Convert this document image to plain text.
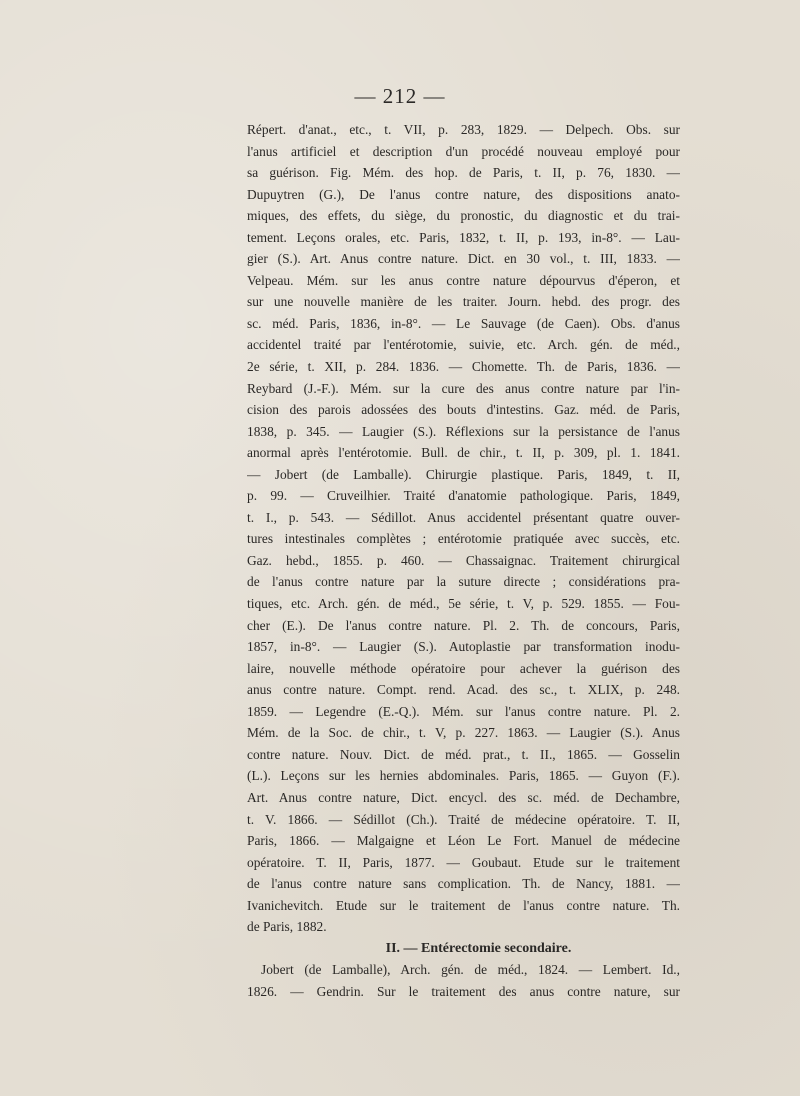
— 212 —
Répert. d'anat., etc., t. VII, p. 283, 1829. — Delpech. Obs. sur
l'anus artificiel et description d'un procédé nouveau employé pour
sa guérison. Fig. Mém. des hop. de Paris, t. II, p. 76, 1830. —
Dupuytren (G.), De l'anus contre nature, des dispositions anato-
miques, des effets, du siège, du pronostic, du diagnostic et du trai-
tement. Leçons orales, etc. Paris, 1832, t. II, p. 193, in-8°. — Lau-
gier (S.). Art. Anus contre nature. Dict. en 30 vol., t. III, 1833. —
Velpeau. Mém. sur les anus contre nature dépourvus d'éperon, et
sur une nouvelle manière de les traiter. Journ. hebd. des progr. des
sc. méd. Paris, 1836, in-8°. — Le Sauvage (de Caen). Obs. d'anus
accidentel traité par l'entérotomie, suivie, etc. Arch. gén. de méd.,
2e série, t. XII, p. 284. 1836. — Chomette. Th. de Paris, 1836. —
Reybard (J.-F.). Mém. sur la cure des anus contre nature par l'in-
cision des parois adossées des bouts d'intestins. Gaz. méd. de Paris,
1838, p. 345. — Laugier (S.). Réflexions sur la persistance de l'anus
anormal après l'entérotomie. Bull. de chir., t. II, p. 309, pl. 1. 1841.
— Jobert (de Lamballe). Chirurgie plastique. Paris, 1849, t. II,
p. 99. — Cruveilhier. Traité d'anatomie pathologique. Paris, 1849,
t. I., p. 543. — Sédillot. Anus accidentel présentant quatre ouver-
tures intestinales complètes ; entérotomie pratiquée avec succès, etc.
Gaz. hebd., 1855. p. 460. — Chassaignac. Traitement chirurgical
de l'anus contre nature par la suture directe ; considérations pra-
tiques, etc. Arch. gén. de méd., 5e série, t. V, p. 529. 1855. — Fou-
cher (E.). De l'anus contre nature. Pl. 2. Th. de concours, Paris,
1857, in-8°. — Laugier (S.). Autoplastie par transformation inodu-
laire, nouvelle méthode opératoire pour achever la guérison des
anus contre nature. Compt. rend. Acad. des sc., t. XLIX, p. 248.
1859. — Legendre (E.-Q.). Mém. sur l'anus contre nature. Pl. 2.
Mém. de la Soc. de chir., t. V, p. 227. 1863. — Laugier (S.). Anus
contre nature. Nouv. Dict. de méd. prat., t. II., 1865. — Gosselin
(L.). Leçons sur les hernies abdominales. Paris, 1865. — Guyon (F.).
Art. Anus contre nature, Dict. encycl. des sc. méd. de Dechambre,
t. V. 1866. — Sédillot (Ch.). Traité de médecine opératoire. T. II,
Paris, 1866. — Malgaigne et Léon Le Fort. Manuel de médecine
opératoire. T. II, Paris, 1877. — Goubaut. Etude sur le traitement
de l'anus contre nature sans complication. Th. de Nancy, 1881. —
Ivanichevitch. Etude sur le traitement de l'anus contre nature. Th.
de Paris, 1882.
II. — Entérectomie secondaire.
Jobert (de Lamballe), Arch. gén. de méd., 1824. — Lembert. Id.,
1826. — Gendrin. Sur le traitement des anus contre nature, sur
